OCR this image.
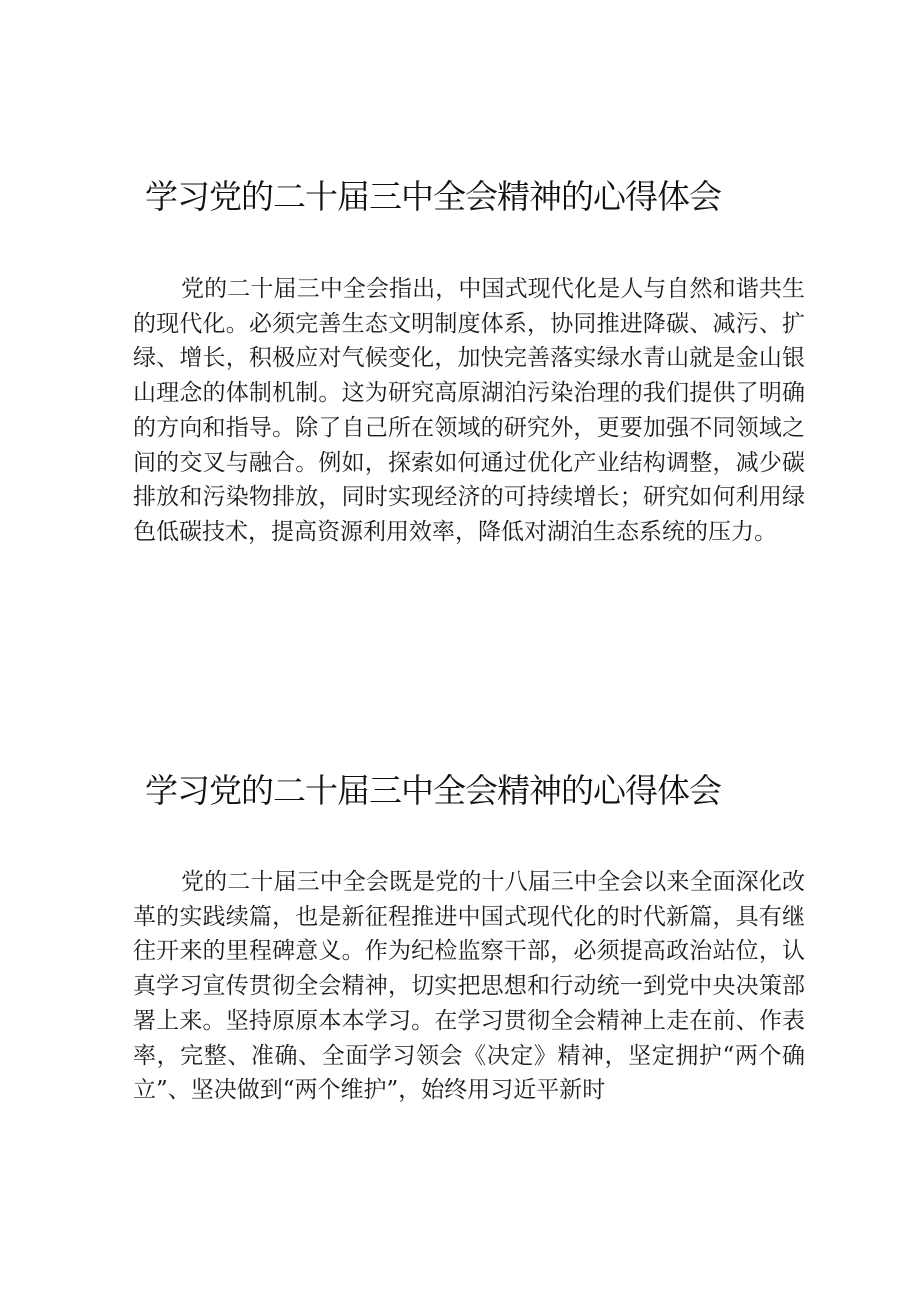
学习党的二十届三中全会精神的心得体会

党的二十届三中全会指出，中国式现代化是人与自然和谐共生的现代化。必须完善生态文明制度体系，协同推进降碳、减污、扩绿、增长，积极应对气候变化，加快完善落实绿水青山就是金山银山理念的体制机制。这为研究高原湖泊污染治理的我们提供了明确的方向和指导。除了自己所在领域的研究外，更要加强不同领域之间的交叉与融合。例如，探索如何通过优化产业结构调整，减少碳排放和污染物排放，同时实现经济的可持续增长；研究如何利用绿色低碳技术，提高资源利用效率，降低对湖泊生态系统的压力。

学习党的二十届三中全会精神的心得体会

党的二十届三中全会既是党的十八届三中全会以来全面深化改革的实践续篇，也是新征程推进中国式现代化的时代新篇，具有继往开来的里程碑意义。作为纪检监察干部，必须提高政治站位，认真学习宣传贯彻全会精神，切实把思想和行动统一到党中央决策部署上来。坚持原原本本学习。在学习贯彻全会精神上走在前、作表率，完整、准确、全面学习领会《决定》精神，坚定拥护“两个确立”、坚决做到“两个维护”，始终用习近平新时
